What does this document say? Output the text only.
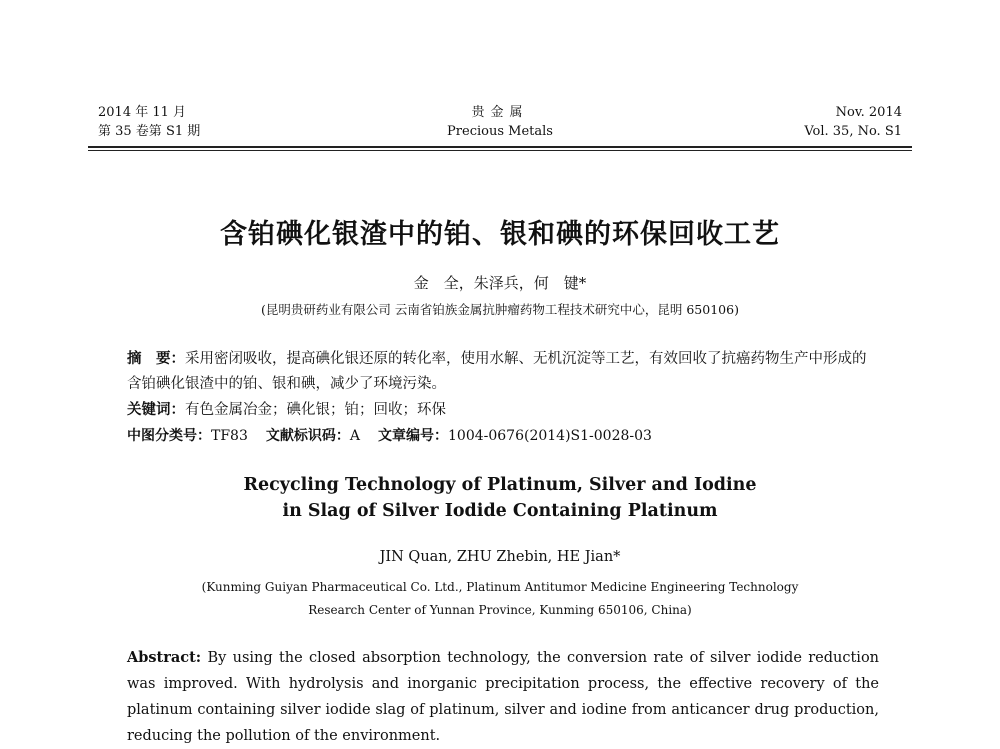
2014 年 11 月
第 35 卷第 S1 期
贵金属
Precious Metals
Nov. 2014
Vol. 35, No. S1
含铂碘化银渣中的铂、银和碘的环保回收工艺
金　全，朱泽兵，何　键*
(昆明贵研药业有限公司 云南省铂族金属抗肿瘤药物工程技术研究中心，昆明 650106)
摘　要：采用密闭吸收，提高碘化银还原的转化率，使用水解、无机沉淀等工艺，有效回收了抗癌药物生产中形成的含铂碘化银渣中的铂、银和碘，减少了环境污染。
关键词：有色金属冶金；碘化银；铂；回收；环保
中图分类号：TF83 文献标识码：A 文章编号：1004-0676(2014)S1-0028-03
Recycling Technology of Platinum, Silver and Iodine
in Slag of Silver Iodide Containing Platinum
JIN Quan, ZHU Zhebin, HE Jian*
(Kunming Guiyan Pharmaceutical Co. Ltd., Platinum Antitumor Medicine Engineering Technology
Research Center of Yunnan Province, Kunming 650106, China)
Abstract: By using the closed absorption technology, the conversion rate of silver iodide reduction was improved. With hydrolysis and inorganic precipitation process, the effective recovery of the platinum containing silver iodide slag of platinum, silver and iodine from anticancer drug production, reducing the pollution of the environment.
